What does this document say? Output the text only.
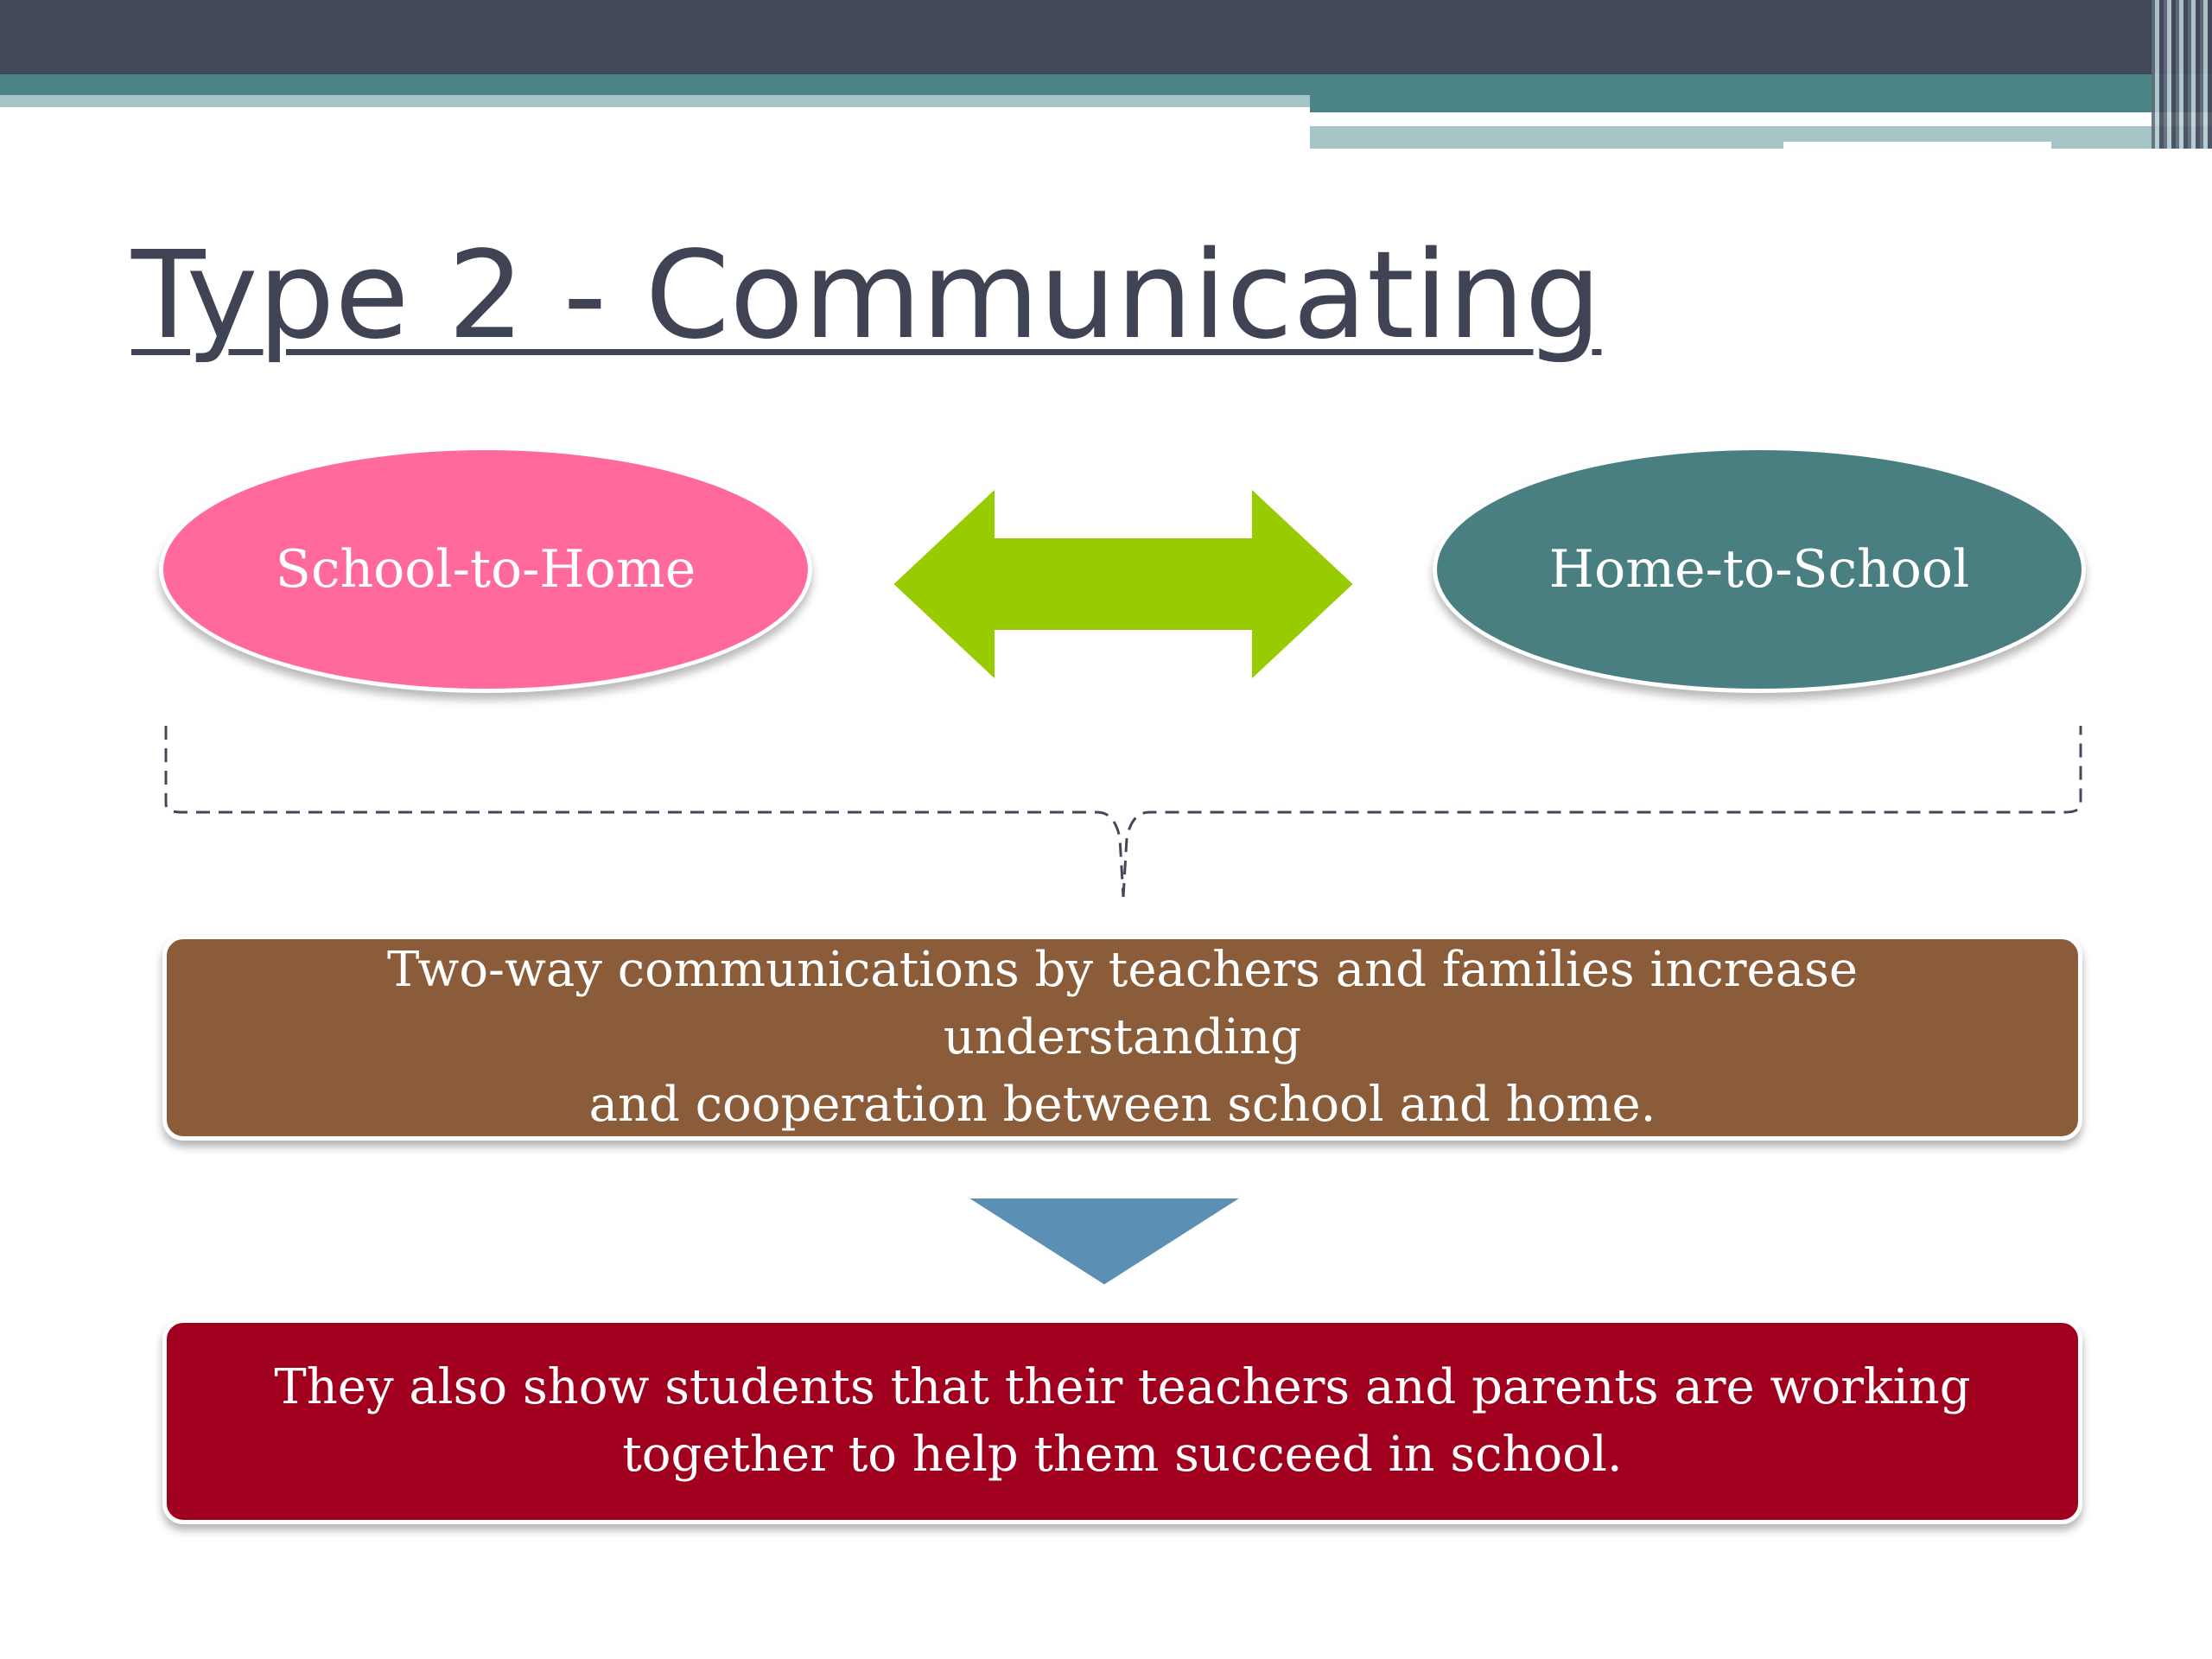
Type 2 - Communicating
School-to-Home	Home-to-School
Two-way communications by teachers and families increase understanding
and cooperation between school and home.
They also show students that their teachers and parents are working
together to help them succeed in school.
